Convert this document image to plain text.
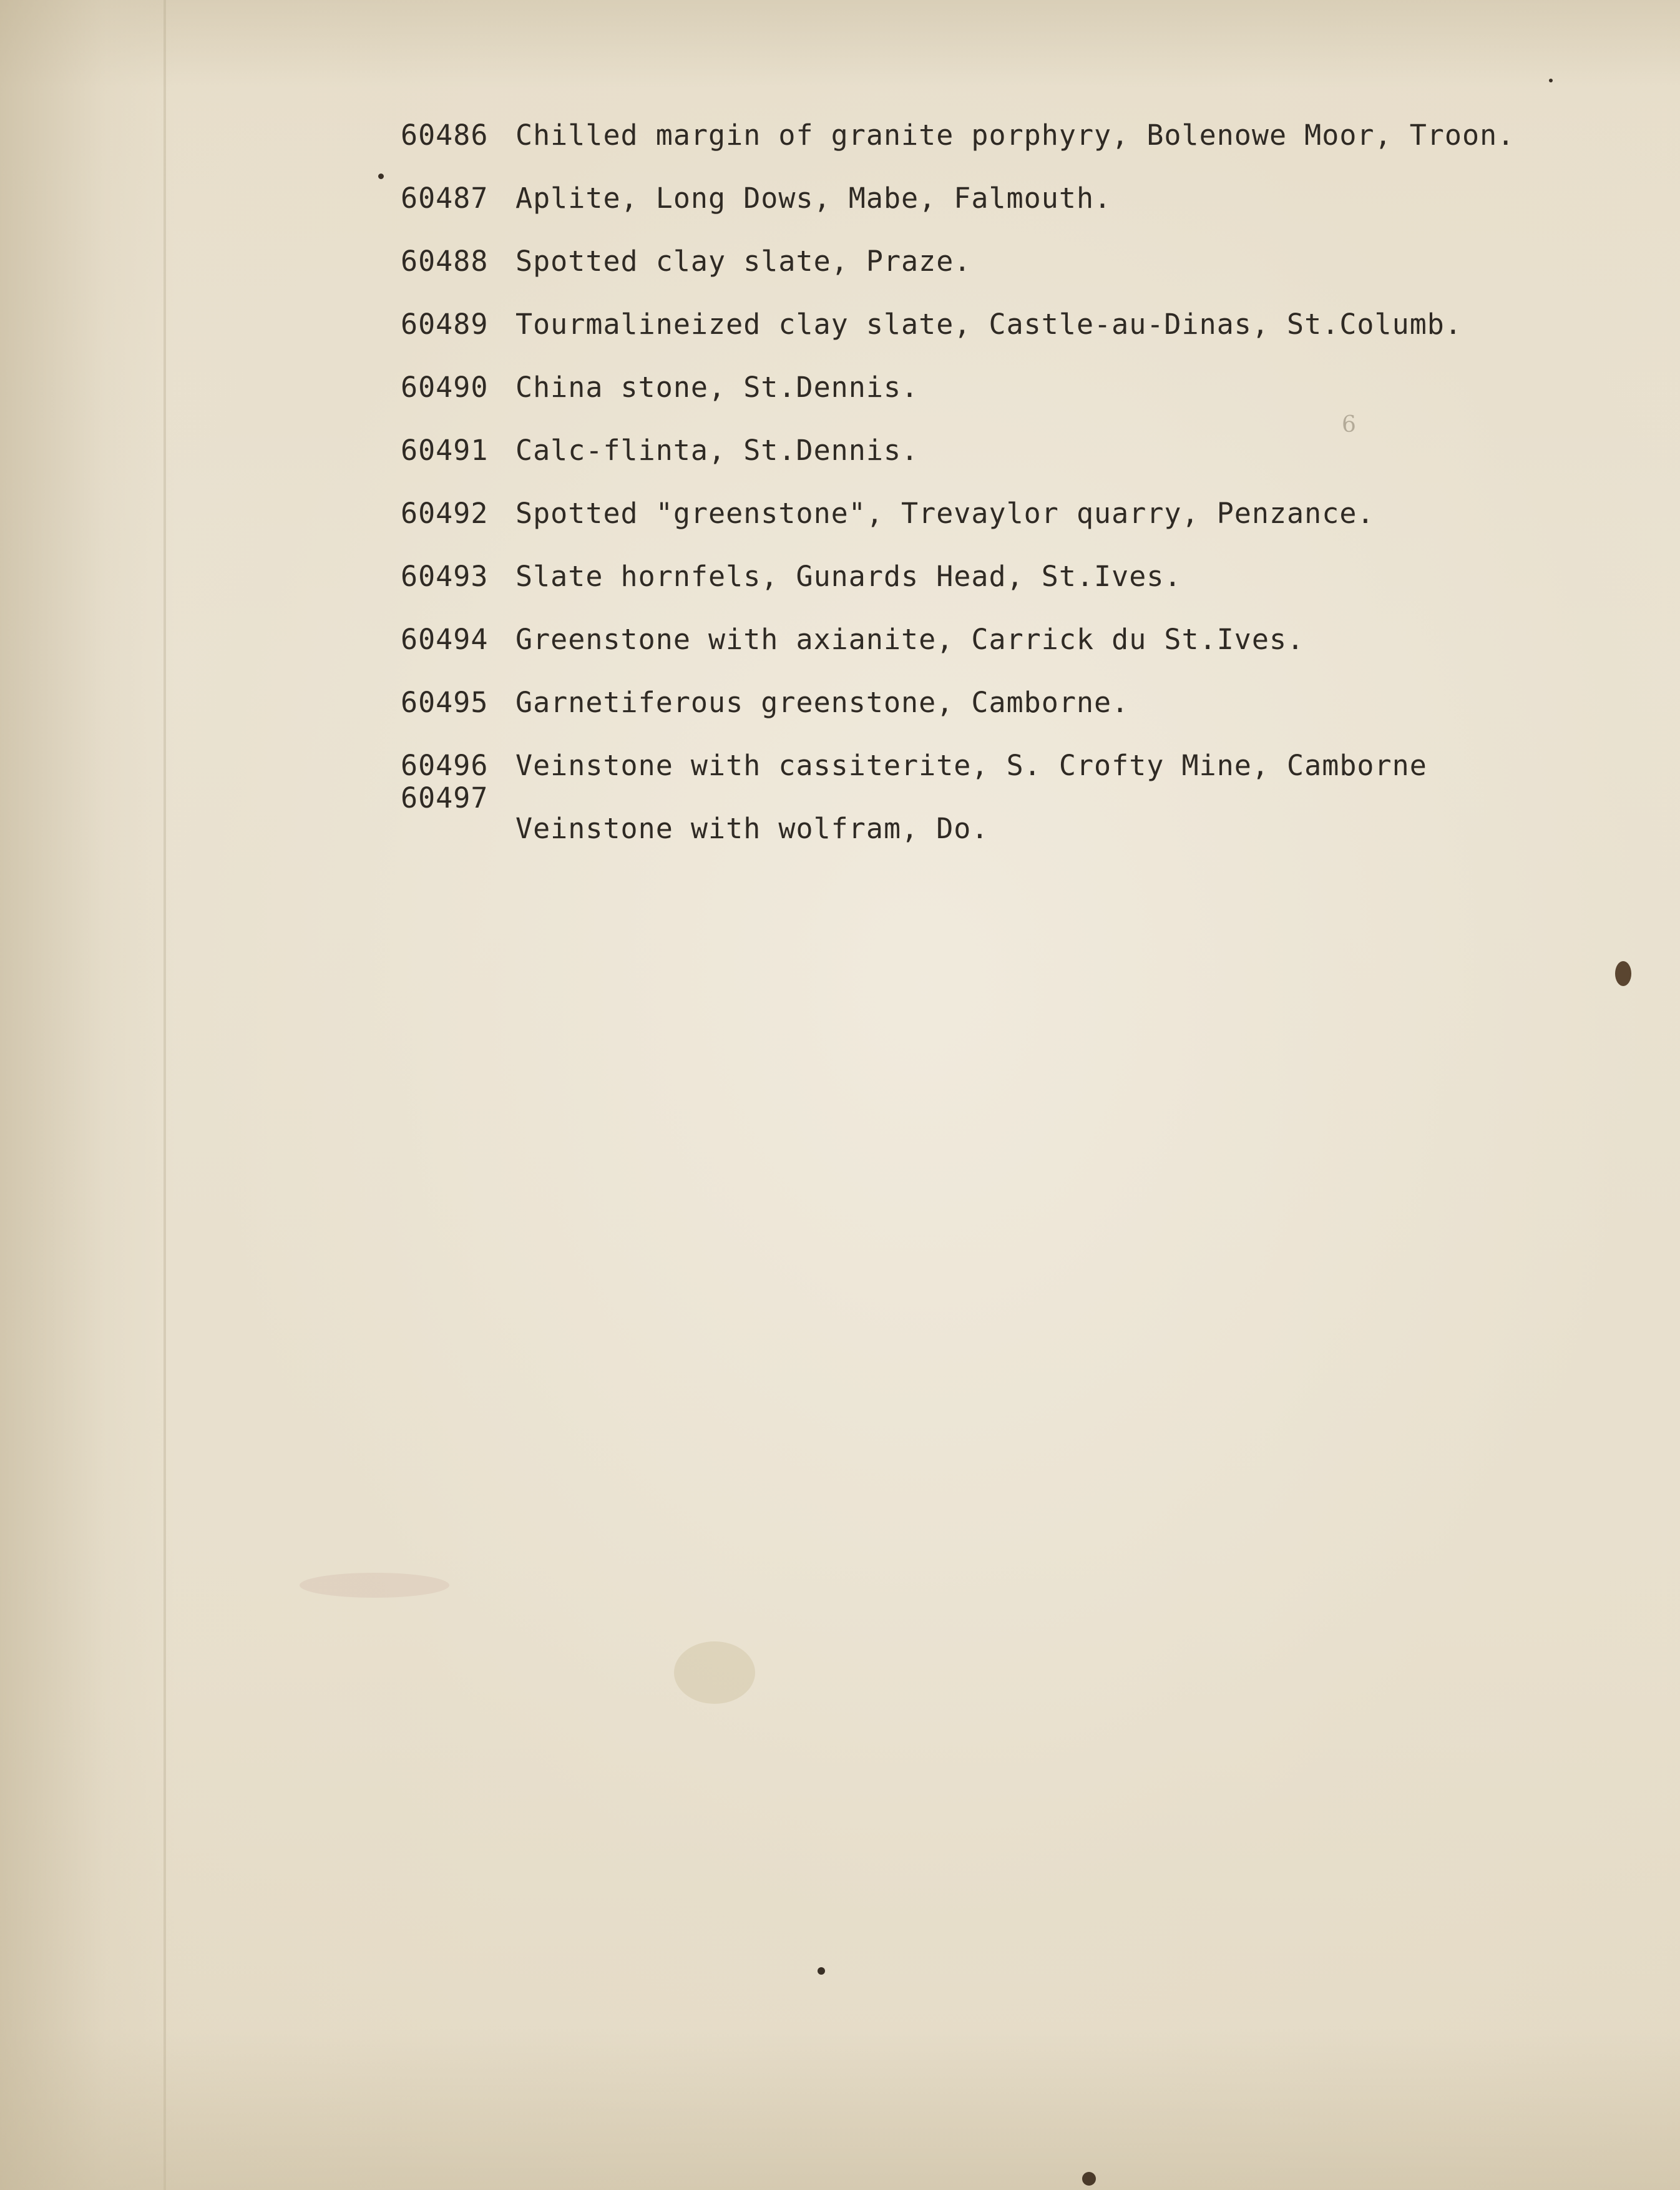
6
60486 Chilled margin of granite porphyry, Bolenowe Moor, Troon.
60487 Aplite, Long Dows, Mabe, Falmouth.
60488 Spotted clay slate, Praze.
60489 Tourmalineized clay slate, Castle-au-Dinas, St.Columb.
60490 China stone, St.Dennis.
60491 Calc-flinta, St.Dennis.
60492 Spotted "greenstone", Trevaylor quarry, Penzance.
60493 Slate hornfels, Gunards Head, St.Ives.
60494 Greenstone with axianite, Carrick du St.Ives.
60495 Garnetiferous greenstone, Camborne.
60496 Veinstone with cassiterite, S. Crofty Mine, Camborne
60497
Veinstone with wolfram, Do.
